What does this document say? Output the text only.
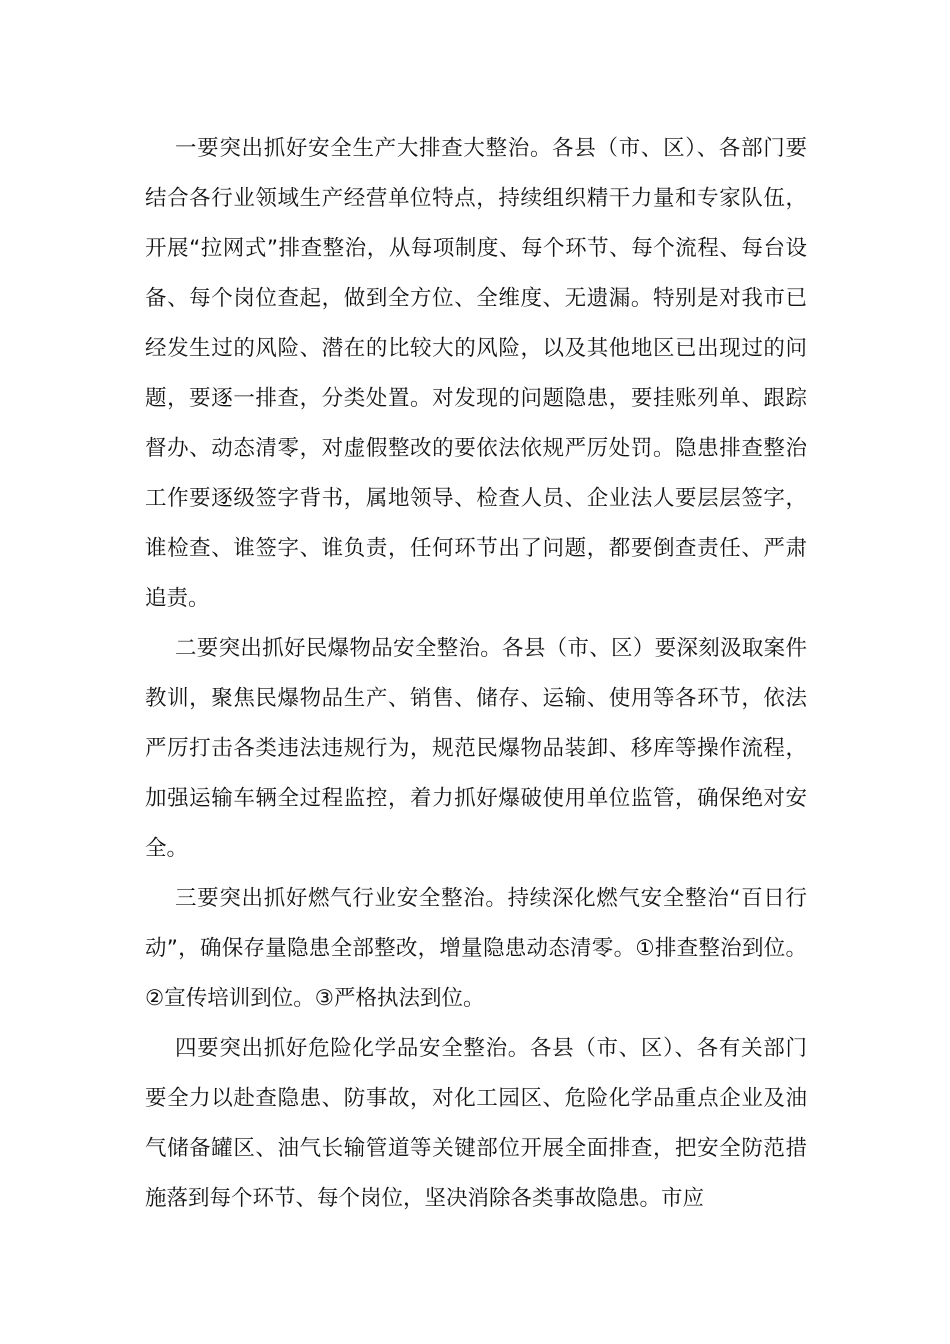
一要突出抓好安全生产大排查大整治。各县（市、区）、各部门要结合各行业领域生产经营单位特点，持续组织精干力量和专家队伍，开展“拉网式”排查整治，从每项制度、每个环节、每个流程、每台设备、每个岗位查起，做到全方位、全维度、无遗漏。特别是对我市已经发生过的风险、潜在的比较大的风险，以及其他地区已出现过的问题，要逐一排查，分类处置。对发现的问题隐患，要挂账列单、跟踪督办、动态清零，对虚假整改的要依法依规严厉处罚。隐患排查整治工作要逐级签字背书，属地领导、检查人员、企业法人要层层签字，谁检查、谁签字、谁负责，任何环节出了问题，都要倒查责任、严肃追责。

二要突出抓好民爆物品安全整治。各县（市、区）要深刻汲取案件教训，聚焦民爆物品生产、销售、储存、运输、使用等各环节，依法严厉打击各类违法违规行为，规范民爆物品装卸、移库等操作流程，加强运输车辆全过程监控，着力抓好爆破使用单位监管，确保绝对安全。

三要突出抓好燃气行业安全整治。持续深化燃气安全整治“百日行动”，确保存量隐患全部整改，增量隐患动态清零。①排查整治到位。②宣传培训到位。③严格执法到位。

四要突出抓好危险化学品安全整治。各县（市、区）、各有关部门要全力以赴查隐患、防事故，对化工园区、危险化学品重点企业及油气储备罐区、油气长输管道等关键部位开展全面排查，把安全防范措施落到每个环节、每个岗位，坚决消除各类事故隐患。市应
